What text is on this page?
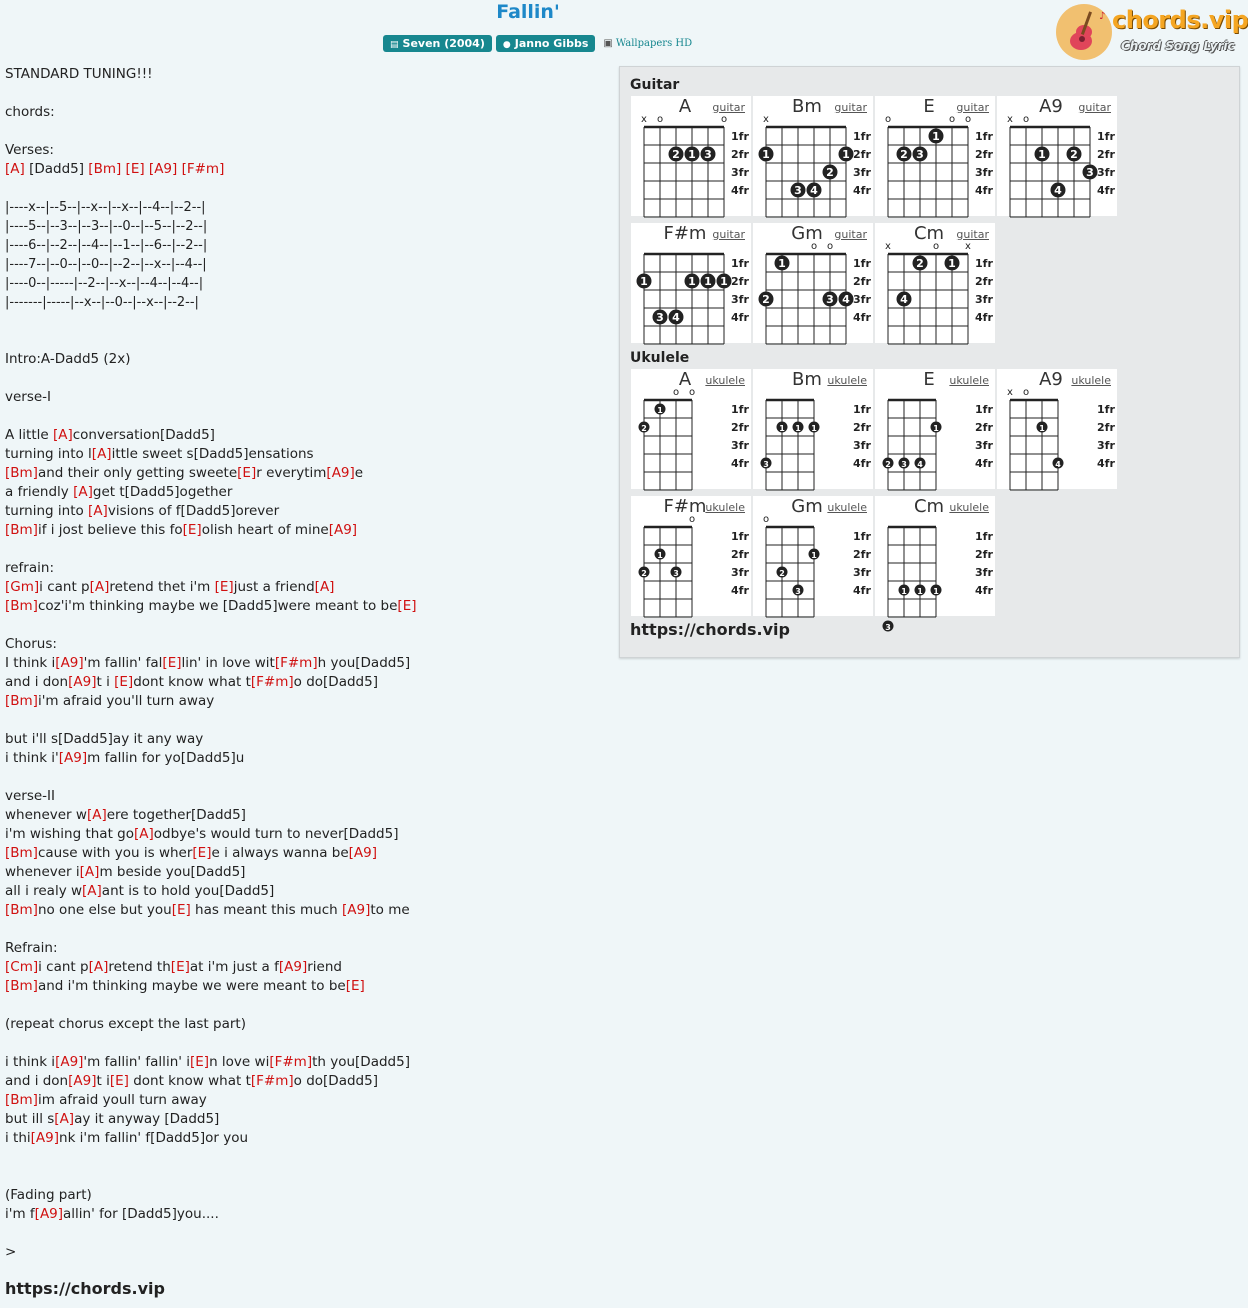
Fallin'
▤ Seven (2004)	● Janno Gibbs	▣ Wallpapers HD
♪ chords.vip
Chord Song Lyric
STANDARD TUNING!!!
chords:
Verses:
[A] [Dadd5] [Bm] [E] [A9] [F#m]
|----x--|--5--|--x--|--x--|--4--|--2--|
|----5--|--3--|--3--|--0--|--5--|--2--|
|----6--|--2--|--4--|--1--|--6--|--2--|
|----7--|--0--|--0--|--2--|--x--|--4--|
|----0--|-----|--2--|--x--|--4--|--4--|
|-------|-----|--x--|--0--|--x--|--2--|
Intro:A-Dadd5 (2x)
verse-I
A little [A]conversation[Dadd5]
turning into l[A]ittle sweet s[Dadd5]ensations
[Bm]and their only getting sweete[E]r everytim[A9]e
a friendly [A]get t[Dadd5]ogether
turning into [A]visions of f[Dadd5]orever
[Bm]if i jost believe this fo[E]olish heart of mine[A9]
refrain:
[Gm]i cant p[A]retend thet i'm [E]just a friend[A]
[Bm]coz'i'm thinking maybe we [Dadd5]were meant to be[E]
Chorus:
I think i[A9]'m fallin' fal[E]lin' in love wit[F#m]h you[Dadd5]
and i don[A9]t i [E]dont know what t[F#m]o do[Dadd5]
[Bm]i'm afraid you'll turn away
but i'll s[Dadd5]ay it any way
i think i'[A9]m fallin for yo[Dadd5]u
verse-II
whenever w[A]ere together[Dadd5]
i'm wishing that go[A]odbye's would turn to never[Dadd5]
[Bm]cause with you is wher[E]e i always wanna be[A9]
whenever i[A]m beside you[Dadd5]
all i realy w[A]ant is to hold you[Dadd5]
[Bm]no one else but you[E] has meant this much [A9]to me
Refrain:
[Cm]i cant p[A]retend th[E]at i'm just a f[A9]riend
[Bm]and i'm thinking maybe we were meant to be[E]
(repeat chorus except the last part)
i think i[A9]'m fallin' fallin' i[E]n love wi[F#m]th you[Dadd5]
and i don[A9]t i[E] dont know what t[F#m]o do[Dadd5]
[Bm]im afraid youll turn away
but ill s[A]ay it anyway [Dadd5]
i thi[A9]nk i'm fallin' f[Dadd5]or you
(Fading part)
i'm f[A9]allin' for [Dadd5]you....
>
https://chords.vip
Guitar
Ukulele
https://chords.vip
1fr
2fr
3fr
4fr
x o	o
2 1 3
A	guitar
1fr
2fr
3fr
4fr
x
1	1
2
3 4
Bm	guitar
1fr
2fr
3fr
4fr
o	o o
1
2 3
E	guitar
1fr
2fr
3fr
4fr
x o
1 2
3
4
A9	guitar
1fr
2fr
3fr
4fr
1	1 1 1
3 4
F#m guitar
1fr
2fr
3fr
4fr
o o
1
2	3 4
Gm	guitar
1fr
2fr
3fr
4fr
x	o	x
2 1
4
Cm	guitar
1fr
2fr
3fr
4fr
o o
1
2
A	ukulele
1fr
2fr
3fr
4fr
1 1 1
3
Bm ukulele
1fr
2fr
3fr
4fr
1
2 3 4
E	ukulele
1fr
2fr
3fr
4fr
x o
1
4
A9 ukulele
1fr
2fr
3fr
4fr
o
1
2	3
F#m
ukulele
1fr
2fr
3fr
4fr
o
1
2
3
Gm ukulele
1fr
2fr
3fr
4fr
1 1 1
3
Cm ukulele
